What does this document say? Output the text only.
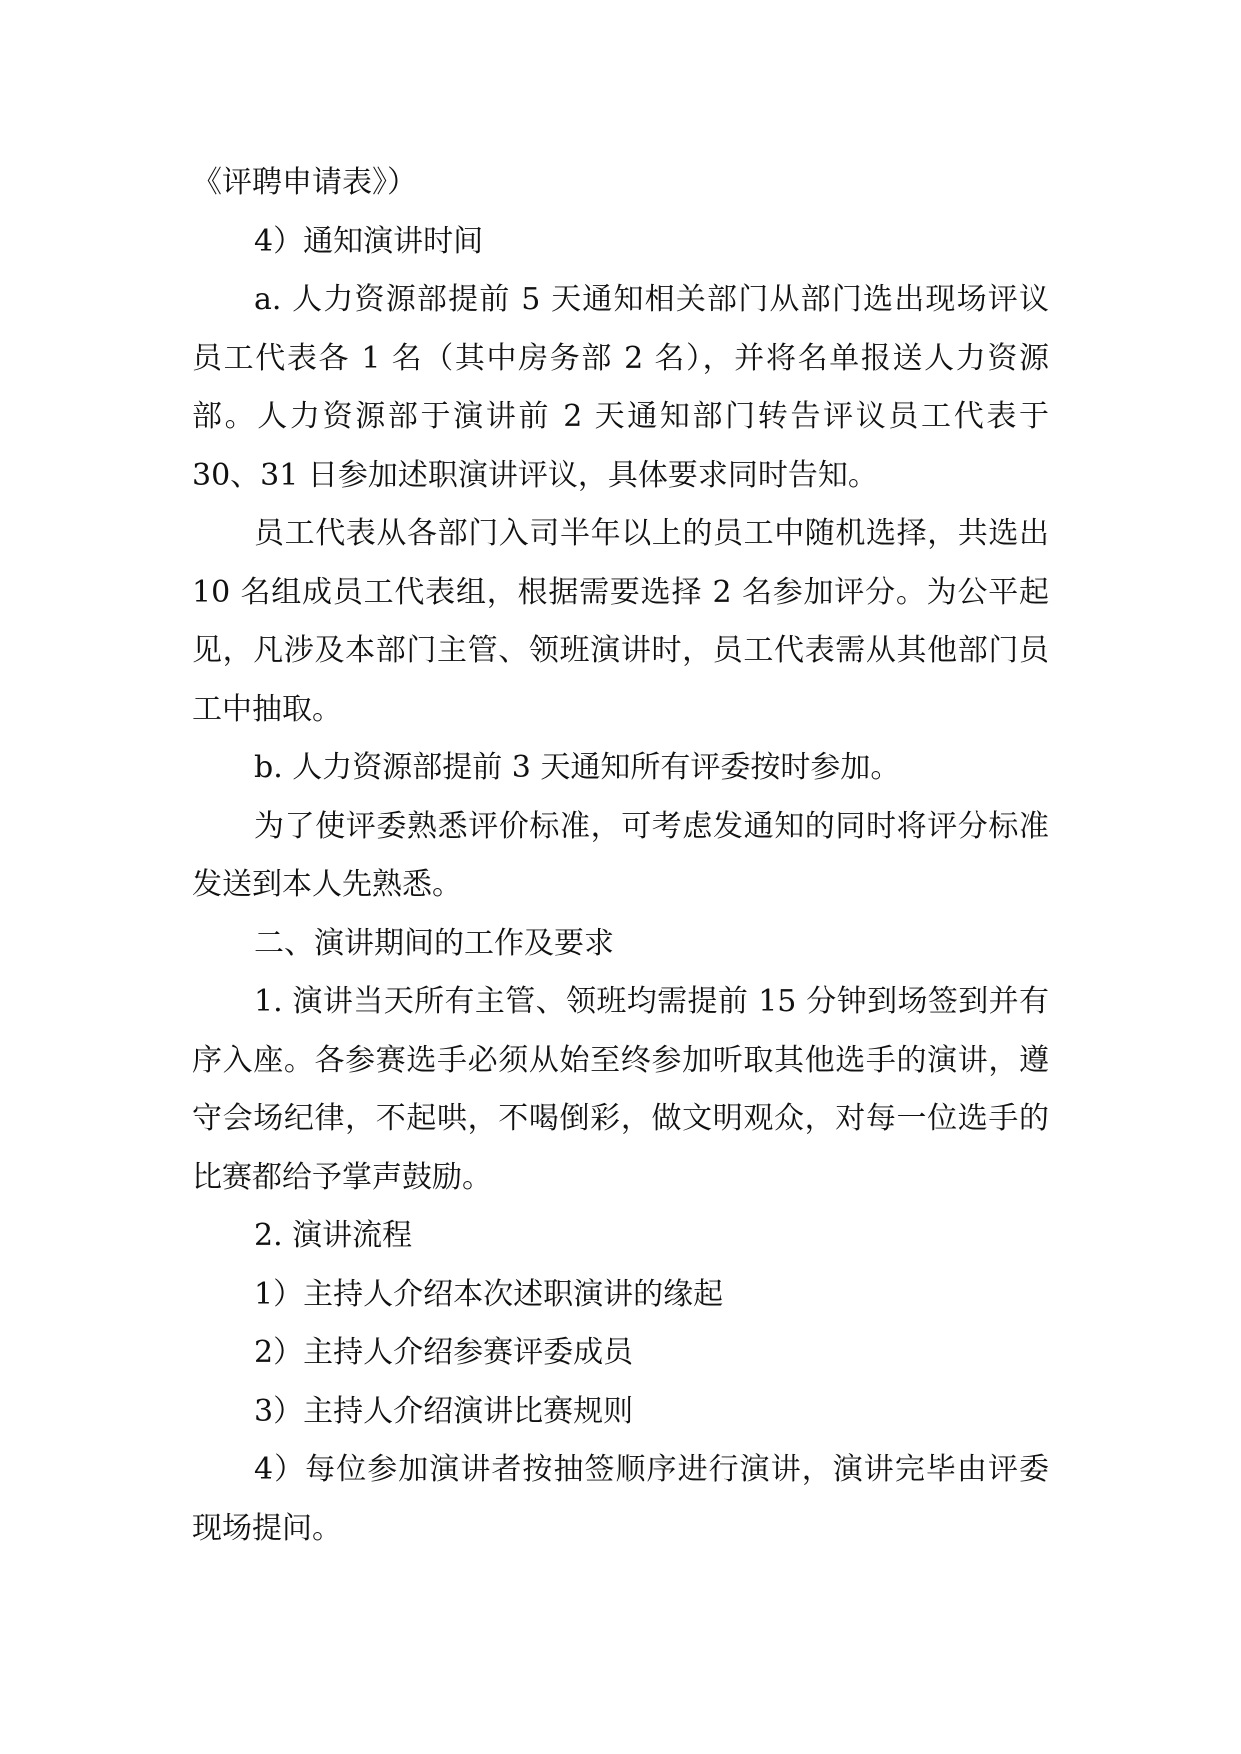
《评聘申请表》）

4）通知演讲时间

a. 人力资源部提前 5 天通知相关部门从部门选出现场评议员工代表各 1 名（其中房务部 2 名），并将名单报送人力资源部。人力资源部于演讲前 2 天通知部门转告评议员工代表于 30、31 日参加述职演讲评议，具体要求同时告知。

员工代表从各部门入司半年以上的员工中随机选择，共选出 10 名组成员工代表组，根据需要选择 2 名参加评分。为公平起见，凡涉及本部门主管、领班演讲时，员工代表需从其他部门员工中抽取。

b. 人力资源部提前 3 天通知所有评委按时参加。

为了使评委熟悉评价标准，可考虑发通知的同时将评分标准发送到本人先熟悉。

二、演讲期间的工作及要求

1. 演讲当天所有主管、领班均需提前 15 分钟到场签到并有序入座。各参赛选手必须从始至终参加听取其他选手的演讲，遵守会场纪律，不起哄，不喝倒彩，做文明观众，对每一位选手的比赛都给予掌声鼓励。

2. 演讲流程

1）主持人介绍本次述职演讲的缘起

2）主持人介绍参赛评委成员

3）主持人介绍演讲比赛规则

4）每位参加演讲者按抽签顺序进行演讲，演讲完毕由评委现场提问。
